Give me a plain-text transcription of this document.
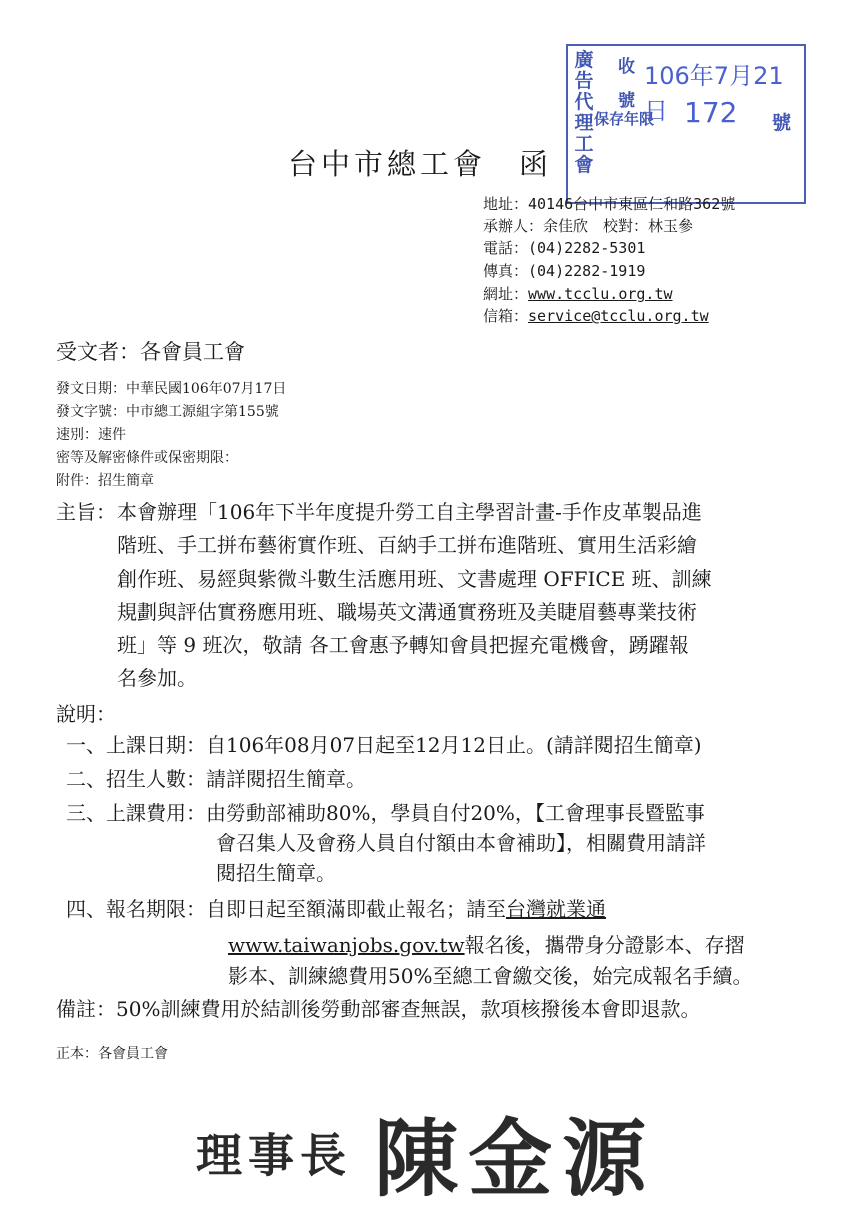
廣告代理工會
收
號
保存年限
106年7月21日 172 號
台中市總工會　函
地址：40146台中市東區仁和路362號
承辦人：余佳欣　校對：林玉參
電話：(04)2282-5301
傳真：(04)2282-1919
網址：www.tcclu.org.tw
信箱：service@tcclu.org.tw
受文者：各會員工會
發文日期：中華民國106年07月17日
發文字號：中市總工源組字第155號
速別：速件
密等及解密條件或保密期限：
附件：招生簡章
主旨： 本會辦理「106年下半年度提升勞工自主學習計畫-手作皮革製品進
階班、手工拼布藝術實作班、百納手工拼布進階班、實用生活彩繪
創作班、易經與紫微斗數生活應用班、文書處理 OFFICE 班、訓練
規劃與評估實務應用班、職場英文溝通實務班及美睫眉藝專業技術
班」等 9 班次，敬請 各工會惠予轉知會員把握充電機會，踴躍報
名參加。
說明：
一、上課日期：自106年08月07日起至12月12日止。(請詳閱招生簡章)
二、招生人數：請詳閱招生簡章。
三、上課費用：由勞動部補助80%，學員自付20%，【工會理事長暨監事
會召集人及會務人員自付額由本會補助】，相關費用請詳
閱招生簡章。
四、報名期限：自即日起至額滿即截止報名；請至台灣就業通
www.taiwanjobs.gov.tw報名後，攜帶身分證影本、存摺
影本、訓練總費用50%至總工會繳交後，始完成報名手續。
備註：50%訓練費用於結訓後勞動部審查無誤，款項核撥後本會即退款。
正本：各會員工會
理事長 陳金源
